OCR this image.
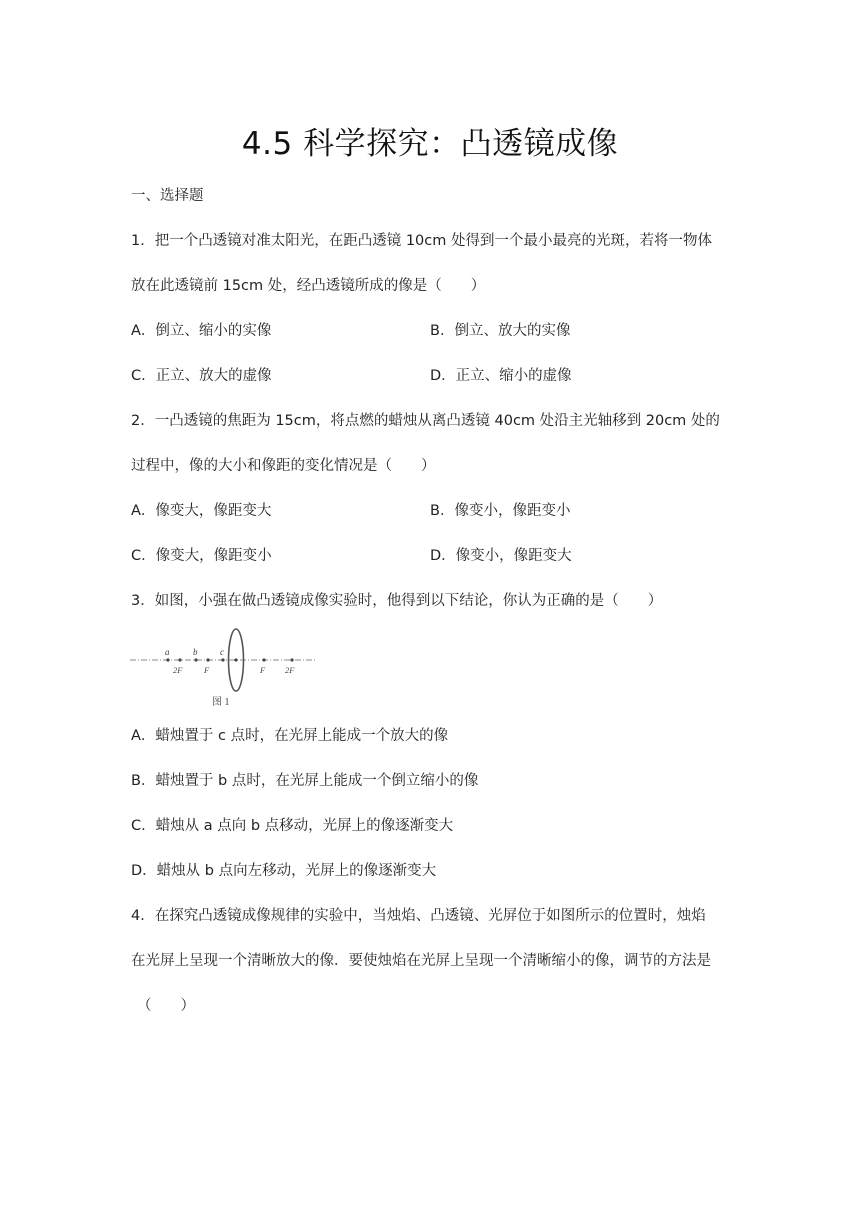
4.5 科学探究：凸透镜成像
一、选择题
1．把一个凸透镜对准太阳光，在距凸透镜 10cm 处得到一个最小最亮的光斑，若将一物体
放在此透镜前 15cm 处，经凸透镜所成的像是（　　）
A．倒立、缩小的实像	B．倒立、放大的实像
C．正立、放大的虚像	D．正立、缩小的虚像
2．一凸透镜的焦距为 15cm，将点燃的蜡烛从离凸透镜 40cm 处沿主光轴移到 20cm 处的
过程中，像的大小和像距的变化情况是（　　）
A．像变大，像距变大	B．像变小，像距变小
C．像变大，像距变小	D．像变小，像距变大
3．如图，小强在做凸透镜成像实验时，他得到以下结论，你认为正确的是（　　）
a	b	c
2F	F	F 2F
图 1
A．蜡烛置于 c 点时，在光屏上能成一个放大的像
B．蜡烛置于 b 点时，在光屏上能成一个倒立缩小的像
C．蜡烛从 a 点向 b 点移动，光屏上的像逐渐变大
D．蜡烛从 b 点向左移动，光屏上的像逐渐变大
4．在探究凸透镜成像规律的实验中，当烛焰、凸透镜、光屏位于如图所示的位置时，烛焰
在光屏上呈现一个清晰放大的像．要使烛焰在光屏上呈现一个清晰缩小的像，调节的方法是
（　　）
